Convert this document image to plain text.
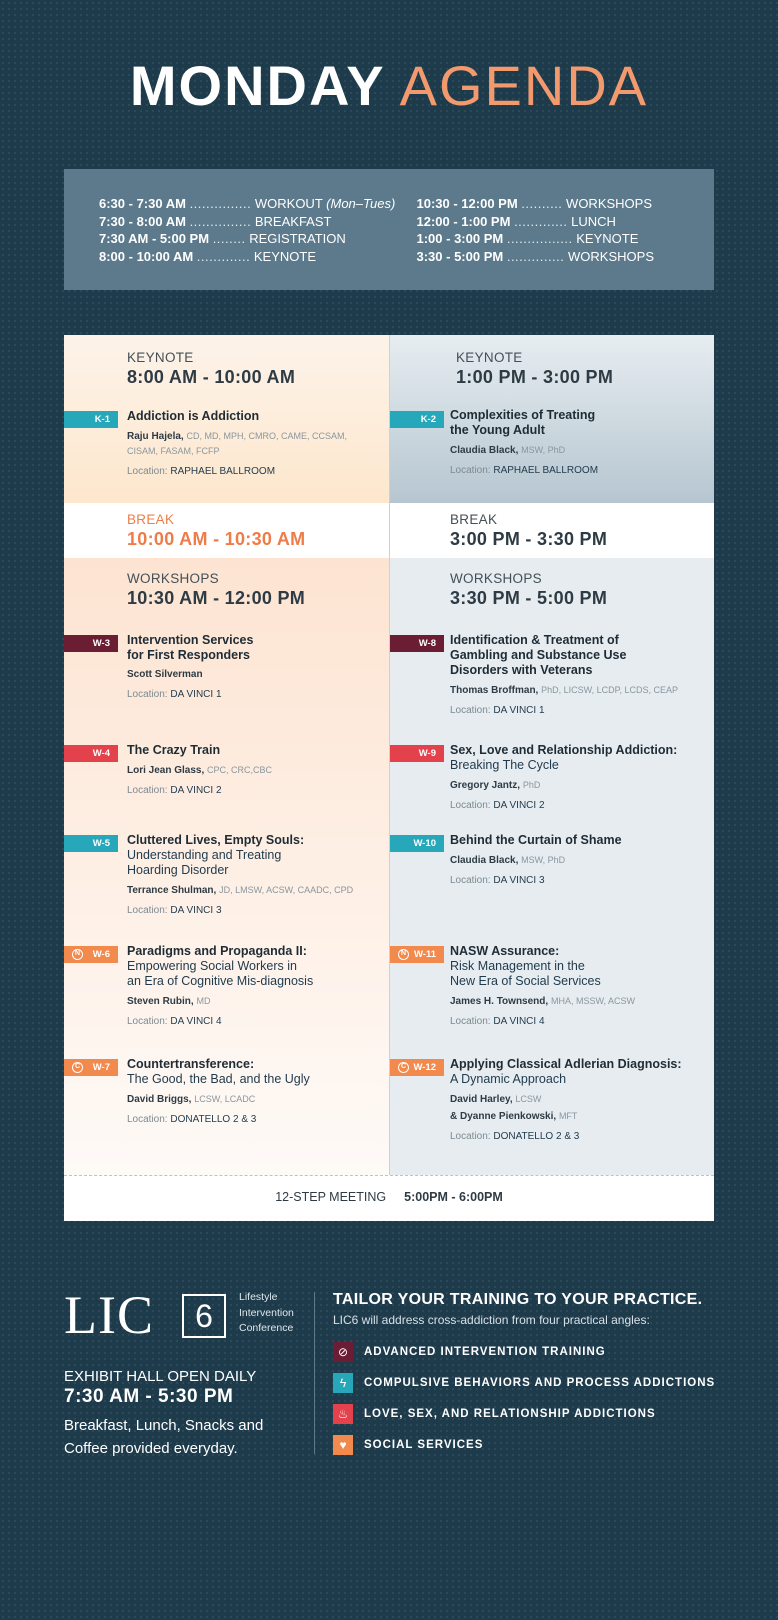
MONDAY AGENDA
6:30 - 7:30 AM ............... WORKOUT (Mon–Tues)
7:30 - 8:00 AM ............... BREAKFAST
7:30 AM - 5:00 PM ........ REGISTRATION
8:00 - 10:00 AM ............. KEYNOTE
10:30 - 12:00 PM .......... WORKSHOPS
12:00 - 1:00 PM ............. LUNCH
1:00 - 3:00 PM ................ KEYNOTE
3:30 - 5:00 PM .............. WORKSHOPS
KEYNOTE
8:00 AM - 10:00 AM
K-1	Addiction is Addiction
Raju Hajela, CD, MD, MPH, CMRO, CAME, CCSAM, CISAM, FASAM, FCFP
Location: RAPHAEL BALLROOM
BREAK
10:00 AM - 10:30 AM
WORKSHOPS
10:30 AM - 12:00 PM
W-3	Intervention Services
for First Responders
Scott Silverman
Location: DA VINCI 1
W-4	The Crazy Train
Lori Jean Glass, CPC, CRC,CBC
Location: DA VINCI 2
W-5	Cluttered Lives, Empty Souls:
Understanding and Treating
Hoarding Disorder
Terrance Shulman, JD, LMSW, ACSW, CAADC, CPD
Location: DA VINCI 3
N	W-6	Paradigms and Propaganda II:
Empowering Social Workers in
an Era of Cognitive Mis-diagnosis
Steven Rubin, MD
Location: DA VINCI 4
C	W-7	Countertransference:
The Good, the Bad, and the Ugly
David Briggs, LCSW, LCADC
Location: DONATELLO 2 & 3
KEYNOTE
1:00 PM - 3:00 PM
K-2	Complexities of Treating
the Young Adult
Claudia Black, MSW, PhD
Location: RAPHAEL BALLROOM
BREAK
3:00 PM - 3:30 PM
WORKSHOPS
3:30 PM - 5:00 PM
W-8	Identification & Treatment of
Gambling and Substance Use
Disorders with Veterans
Thomas Broffman, PhD, LICSW, LCDP, LCDS, CEAP
Location: DA VINCI 1
W-9	Sex, Love and Relationship Addiction:
Breaking The Cycle
Gregory Jantz, PhD
Location: DA VINCI 2
W-10	Behind the Curtain of Shame
Claudia Black, MSW, PhD
Location: DA VINCI 3
N W-11	NASW Assurance:
Risk Management in the
New Era of Social Services
James H. Townsend, MHA, MSSW, ACSW
Location: DA VINCI 4
C W-12	Applying Classical Adlerian Diagnosis:
A Dynamic Approach
David Harley, LCSW
& Dyanne Pienkowski, MFT
Location: DONATELLO 2 & 3
12-STEP MEETING 5:00PM - 6:00PM
LIC	6
Lifestyle
Intervention
Conference
EXHIBIT HALL OPEN DAILY
7:30 AM - 5:30 PM
Breakfast, Lunch, Snacks and Coffee provided everyday.
TAILOR YOUR TRAINING TO YOUR PRACTICE.
LIC6 will address cross-addiction from four practical angles:
⊘	ADVANCED INTERVENTION TRAINING
ϟ	COMPULSIVE BEHAVIORS AND PROCESS ADDICTIONS
♨	LOVE, SEX, AND RELATIONSHIP ADDICTIONS
♥	SOCIAL SERVICES
